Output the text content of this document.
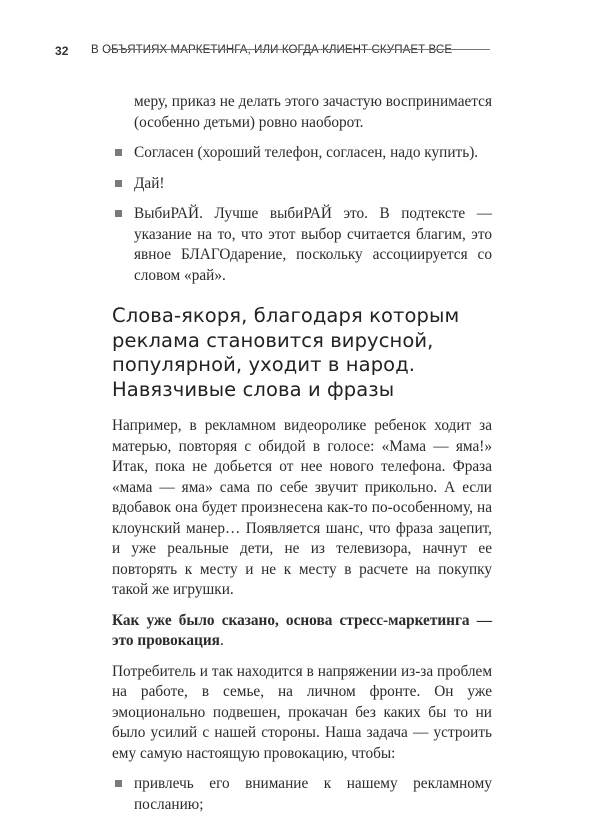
32 В ОБЪЯТИЯХ МАРКЕТИНГА, ИЛИ КОГДА КЛИЕНТ СКУПАЕТ ВСЕ

меру, приказ не делать этого зачастую воспринимается (особенно детьми) ровно наоборот.

Согласен (хороший телефон, согласен, надо купить).

Дай!

ВыбиРАЙ. Лучше выбиРАЙ это. В подтексте — указание на то, что этот выбор считается благим, это явное БЛАГОдарение, поскольку ассоциируется со словом «рай».

Слова-якоря, благодаря которым реклама становится вирусной, популярной, уходит в народ. Навязчивые слова и фразы

Например, в рекламном видеоролике ребенок ходит за матерью, повторяя с обидой в голосе: «Мама — яма!» Итак, пока не добьется от нее нового телефона. Фраза «мама — яма» сама по себе звучит прикольно. А если вдобавок она будет произнесена как-то по-особенному, на клоунский манер… Появляется шанс, что фраза зацепит, и уже реальные дети, не из телевизора, начнут ее повторять к месту и не к месту в расчете на покупку такой же игрушки.

Как уже было сказано, основа стресс-маркетинга — это провокация.

Потребитель и так находится в напряжении из-за проблем на работе, в семье, на личном фронте. Он уже эмоционально подвешен, прокачан без каких бы то ни было усилий с нашей стороны. Наша задача — устроить ему самую настоящую провокацию, чтобы:

привлечь его внимание к нашему рекламному посланию;
